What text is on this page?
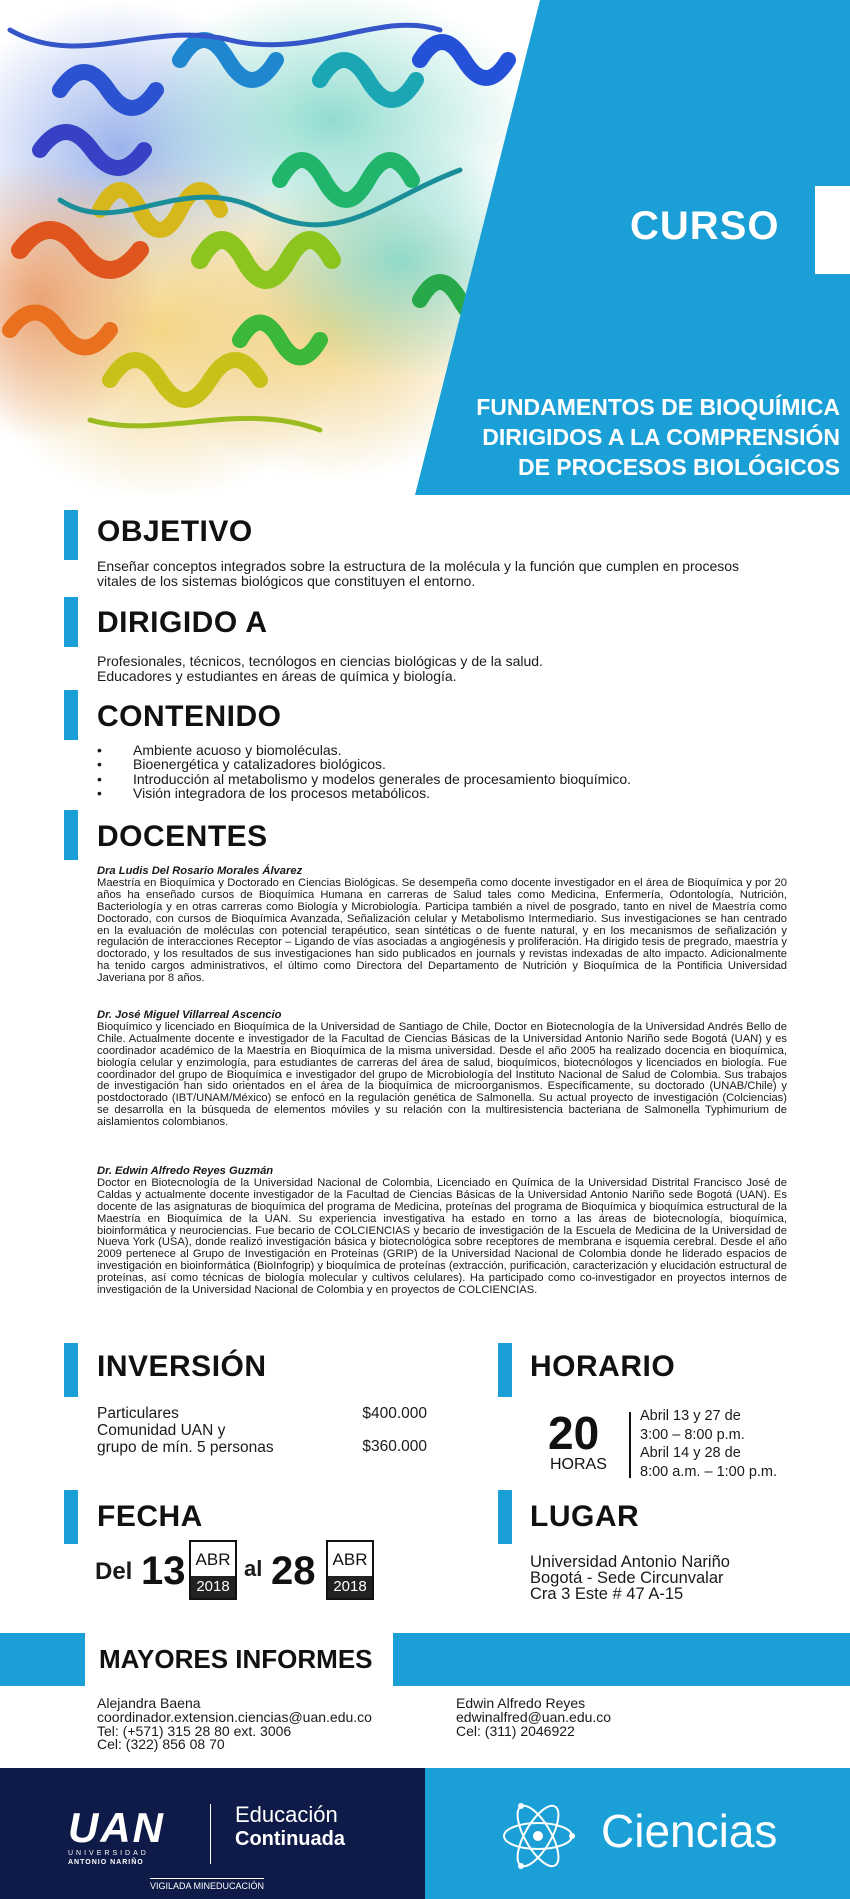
CURSO
FUNDAMENTOS DE BIOQUÍMICA
DIRIGIDOS A LA COMPRENSIÓN
DE PROCESOS BIOLÓGICOS
OBJETIVO
Enseñar conceptos integrados sobre la estructura de la molécula y la función que cumplen en procesos vitales de los sistemas biológicos que constituyen el entorno.
DIRIGIDO A
Profesionales, técnicos, tecnólogos en ciencias biológicas y de la salud.
Educadores y estudiantes en áreas de química y biología.
CONTENIDO
• Ambiente acuoso y biomoléculas.
• Bioenergética y catalizadores biológicos.
• Introducción al metabolismo y modelos generales de procesamiento bioquímico.
• Visión integradora de los procesos metabólicos.
DOCENTES
Dra Ludis Del Rosario Morales Álvarez
Maestría en Bioquímica y Doctorado en Ciencias Biológicas. Se desempeña como docente investigador en el área de Bioquímica y por 20 años ha enseñado cursos de Bioquímica Humana en carreras de Salud tales como Medicina, Enfermería, Odontología, Nutrición, Bacteriología y en otras carreras como Biología y Microbiología. Participa también a nivel de posgrado, tanto en nivel de Maestría como Doctorado, con cursos de Bioquímica Avanzada, Señalización celular y Metabolismo Intermediario. Sus investigaciones se han centrado en la evaluación de moléculas con potencial terapéutico, sean sintéticas o de fuente natural, y en los mecanismos de señalización y regulación de interacciones Receptor – Ligando de vías asociadas a angiogénesis y proliferación. Ha dirigido tesis de pregrado, maestría y doctorado, y los resultados de sus investigaciones han sido publicados en journals y revistas indexadas de alto impacto. Adicionalmente ha tenido cargos administrativos, el último como Directora del Departamento de Nutrición y Bioquímica de la Pontificia Universidad Javeriana por 8 años.
Dr. José Miguel Villarreal Ascencio
Bioquímico y licenciado en Bioquímica de la Universidad de Santiago de Chile, Doctor en Biotecnología de la Universidad Andrés Bello de Chile. Actualmente docente e investigador de la Facultad de Ciencias Básicas de la Universidad Antonio Nariño sede Bogotá (UAN) y es coordinador académico de la Maestría en Bioquímica de la misma universidad. Desde el año 2005 ha realizado docencia en bioquímica, biología celular y enzimología, para estudiantes de carreras del área de salud, bioquímicos, biotecnólogos y licenciados en biología. Fue coordinador del grupo de Bioquímica e investigador del grupo de Microbiología del Instituto Nacional de Salud de Colombia. Sus trabajos de investigación han sido orientados en el área de la bioquímica de microorganismos. Específicamente, su doctorado (UNAB/Chile) y postdoctorado (IBT/UNAM/México) se enfocó en la regulación genética de Salmonella. Su actual proyecto de investigación (Colciencias) se desarrolla en la búsqueda de elementos móviles y su relación con la multiresistencia bacteriana de Salmonella Typhimurium de aislamientos colombianos.
Dr. Edwin Alfredo Reyes Guzmán
Doctor en Biotecnología de la Universidad Nacional de Colombia, Licenciado en Química de la Universidad Distrital Francisco José de Caldas y actualmente docente investigador de la Facultad de Ciencias Básicas de la Universidad Antonio Nariño sede Bogotá (UAN). Es docente de las asignaturas de bioquímica del programa de Medicina, proteínas del programa de Bioquímica y bioquímica estructural de la Maestría en Bioquímica de la UAN. Su experiencia investigativa ha estado en torno a las áreas de biotecnología, bioquímica, bioinformática y neurociencias. Fue becario de COLCIENCIAS y becario de investigación de la Escuela de Medicina de la Universidad de Nueva York (USA), donde realizó investigación básica y biotecnológica sobre receptores de membrana e isquemia cerebral. Desde el año 2009 pertenece al Grupo de Investigación en Proteínas (GRIP) de la Universidad Nacional de Colombia donde he liderado espacios de investigación en bioinformática (BioInfogrip) y bioquímica de proteínas (extracción, purificación, caracterización y elucidación estructural de proteínas, así como técnicas de biología molecular y cultivos celulares). Ha participado como co-investigador en proyectos internos de investigación de la Universidad Nacional de Colombia y en proyectos de COLCIENCIAS.
INVERSIÓN
Particulares	$400.000
Comunidad UAN y
grupo de mín. 5 personas	$360.000
HORARIO
20
HORAS
Abril 13 y 27 de
3:00 – 8:00 p.m.
Abril 14 y 28 de
8:00 a.m. – 1:00 p.m.
FECHA
Del 13 ABR
2018
al 28 ABR
2018
LUGAR
Universidad Antonio Nariño
Bogotá - Sede Circunvalar
Cra 3 Este # 47 A-15
MAYORES INFORMES
Alejandra Baena
coordinador.extension.ciencias@uan.edu.co
Tel: (+571) 315 28 80 ext. 3006
Cel: (322) 856 08 70
Edwin Alfredo Reyes
edwinalfred@uan.edu.co
Cel: (311) 2046922
UAN
UNIVERSIDAD
ANTONIO NARIÑO
Educación
Continuada
VIGILADA MINEDUCACIÓN
Ciencias
